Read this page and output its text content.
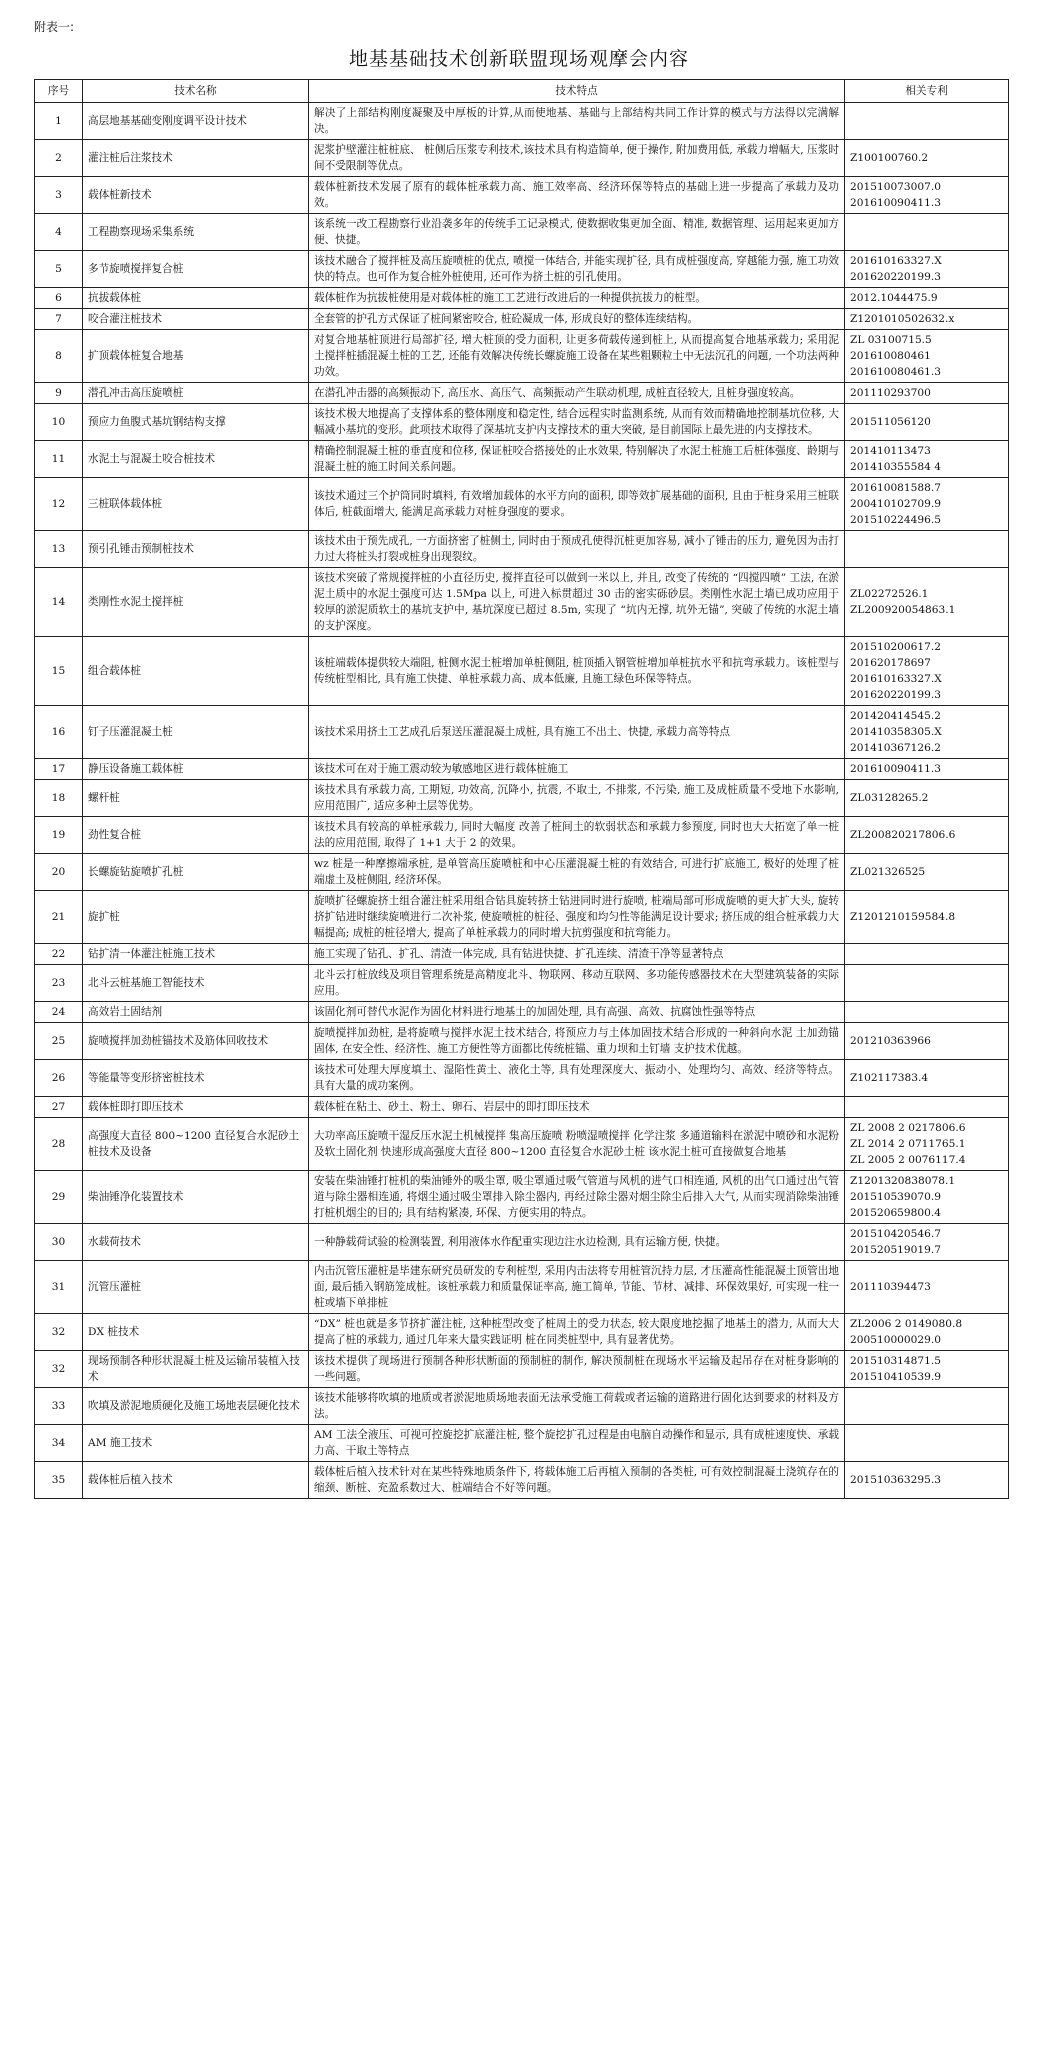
附表一:
地基基础技术创新联盟现场观摩会内容
序号	技术名称	技术特点	相关专利
1	高层地基基础变刚度调平设计技术	解决了上部结构刚度凝聚及中厚板的计算,从而使地基、基础与上部结构共同工作计算的模式与方法得以完满解决。	
2	灌注桩后注浆技术	泥浆护壁灌注桩桩底、 桩侧后压浆专利技术,该技术具有构造简单, 便于操作, 附加费用低, 承载力增幅大, 压浆时间不受限制等优点。	Z100100760.2
3	载体桩新技术	载体桩新技术发展了原有的载体桩承载力高、施工效率高、经济环保等特点的基础上进一步提高了承载力及功效。	201510073007.0
201610090411.3
4	工程勘察现场采集系统	该系统一改工程勘察行业沿袭多年的传统手工记录模式, 使数据收集更加全面、精准, 数据管理、运用起来更加方便、快捷。	
5	多节旋喷搅拌复合桩	该技术融合了搅拌桩及高压旋喷桩的优点, 喷搅一体结合, 并能实现扩径, 具有成桩强度高, 穿越能力强, 施工功效快的特点。也可作为复合桩外桩使用, 还可作为挤土桩的引孔使用。	201610163327.X
201620220199.3
6	抗拔载体桩	载体桩作为抗拔桩使用是对载体桩的施工工艺进行改进后的一种提供抗拔力的桩型。	2012.1044475.9
7	咬合灌注桩技术	全套管的护孔方式保证了桩间紧密咬合, 桩砼凝成一体, 形成良好的整体连续结构。	Z1201010502632.x
8	扩顶载体桩复合地基	对复合地基桩顶进行局部扩径, 增大桩顶的受力面积, 让更多荷载传递到桩上, 从而提高复合地基承载力; 采用泥土搅拌桩插混凝土桩的工艺, 还能有效解决传统长螺旋施工设备在某些粗颗粒土中无法沉孔的问题, 一个功法两种功效。	ZL 03100715.5
201610080461
201610080461.3
9	潜孔冲击高压旋喷桩	在潜孔冲击器的高频振动下, 高压水、高压气、高频振动产生联动机理, 成桩直径较大, 且桩身强度较高。	201110293700
10	预应力鱼腹式基坑钢结构支撑	该技术极大地提高了支撑体系的整体刚度和稳定性, 结合远程实时监测系统, 从而有效而精确地控制基坑位移, 大幅减小基坑的变形。此项技术取得了深基坑支护内支撑技术的重大突破, 是目前国际上最先进的内支撑技术。	201511056120
11	水泥土与混凝土咬合桩技术	精确控制混凝土桩的垂直度和位移, 保证桩咬合搭接处的止水效果, 特别解决了水泥土桩施工后桩体强度、龄期与混凝土桩的施工时间关系问题。	201410113473
201410355584 4
12	三桩联体载体桩	该技术通过三个护筒同时填料, 有效增加载体的水平方向的面积, 即等效扩展基础的面积, 且由于桩身采用三桩联体后, 桩截面增大, 能满足高承载力对桩身强度的要求。	201610081588.7
200410102709.9
201510224496.5
13	预引孔锤击预制桩技术	该技术由于预先成孔, 一方面挤密了桩侧土, 同时由于预成孔使得沉桩更加容易, 减小了锤击的压力, 避免因为击打力过大将桩头打裂或桩身出现裂纹。	
14	类刚性水泥土搅拌桩	该技术突破了常规搅拌桩的小直径历史, 搅拌直径可以做到一米以上, 并且, 改变了传统的 “四搅四喷” 工法, 在淤泥土质中的水泥土强度可达 1.5Mpa 以上, 可进入标贯超过 30 击的密实砾砂层。类刚性水泥土墙已成功应用于较厚的淤泥质软土的基坑支护中, 基坑深度已超过 8.5m, 实现了 “坑内无撑, 坑外无锚”, 突破了传统的水泥土墙的支护深度。	ZL02272526.1
ZL200920054863.1
15	组合载体桩	该桩端载体提供较大端阻, 桩侧水泥土桩增加单桩侧阻, 桩顶插入钢管桩增加单桩抗水平和抗弯承载力。该桩型与传统桩型相比, 具有施工快捷、单桩承载力高、成本低廉, 且施工绿色环保等特点。	201510200617.2
201620178697
201610163327.X
201620220199.3
16	钉子压灌混凝土桩	该技术采用挤土工艺成孔后泵送压灌混凝土成桩, 具有施工不出土、快捷, 承载力高等特点	201420414545.2
201410358305.X
201410367126.2
17	静压设备施工载体桩	该技术可在对于施工震动较为敏感地区进行载体桩施工	201610090411.3
18	螺杆桩	该技术具有承载力高, 工期短, 功效高, 沉降小, 抗震, 不取土, 不排浆, 不污染, 施工及成桩质量不受地下水影响, 应用范围广, 适应多种土层等优势。	ZL03128265.2
19	劲性复合桩	该技术具有较高的单桩承载力, 同时大幅度 改善了桩间土的软弱状态和承载力参预度, 同时也大大拓宽了单一桩法的应用范围, 取得了 1+1 大于 2 的效果。	ZL200820217806.6
20	长螺旋钻旋喷扩孔桩	wz 桩是一种摩擦端承桩, 是单管高压旋喷桩和中心压灌混凝土桩的有效结合, 可进行扩底施工, 极好的处理了桩端虚土及桩侧阻, 经济环保。	ZL021326525
21	旋扩桩	旋喷扩径螺旋挤土组合灌注桩采用组合钻具旋转挤土钻进同时进行旋喷, 桩端局部可形成旋喷的更大扩大头, 旋转挤扩钻进时继续旋喷进行二次补浆, 使旋喷桩的桩径、强度和均匀性等能满足设计要求; 挤压成的组合桩承载力大幅提高; 成桩的桩径增大, 提高了单桩承载力的同时增大抗剪强度和抗弯能力。	Z1201210159584.8
22	钻扩清一体灌注桩施工技术	施工实现了钻孔、扩孔、清渣一体完成, 具有钻进快捷、扩孔连续、清渣干净等显著特点	
23	北斗云桩基施工智能技术	北斗云打桩放线及项目管理系统是高精度北斗、物联网、移动互联网、多功能传感器技术在大型建筑装备的实际应用。	
24	高效岩土固结剂	该固化剂可替代水泥作为固化材料进行地基土的加固处理, 具有高强、高效、抗腐蚀性强等特点	
25	旋喷搅拌加劲桩锚技术及筋体回收技术	旋喷搅拌加劲桩, 是将旋喷与搅拌水泥土技术结合, 将预应力与土体加固技术结合形成的一种斜向水泥 土加劲锚固体, 在安全性、经济性、施工方便性等方面都比传统桩锚、重力坝和土钉墙 支护技术优越。	201210363966
26	等能量等变形挤密桩技术	该技术可处理大厚度填土、湿陷性黄土、液化土等, 具有处理深度大、振动小、处理均匀、高效、经济等特点。具有大量的成功案例。	Z102117383.4
27	载体桩即打即压技术	载体桩在粘土、砂土、粉土、卵石、岩层中的即打即压技术	
28	高强度大直径 800~1200 直径复合水泥砂土桩技术及设备	大功率高压旋喷干湿反压水泥土机械搅拌 集高压旋喷 粉喷湿喷搅拌 化学注浆 多通道输料在淤泥中喷砂和水泥粉及软土固化剂 快速形成高强度大直径 800~1200 直径复合水泥砂土桩 该水泥土桩可直接做复合地基	ZL 2008 2 0217806.6
ZL 2014 2 0711765.1
ZL 2005 2 0076117.4
29	柴油锤净化装置技术	安装在柴油锤打桩机的柴油锤外的吸尘罩, 吸尘罩通过吸气管道与风机的进气口相连通, 风机的出气口通过出气管道与除尘器相连通, 将烟尘通过吸尘罩排入除尘器内, 再经过除尘器对烟尘除尘后排入大气, 从而实现消除柴油锤打桩机烟尘的目的; 具有结构紧凑, 环保、方便实用的特点。	Z1201320838078.1
201510539070.9
201520659800.4
30	水载荷技术	一种静载荷试验的检测装置, 利用液体水作配重实现边注水边检测, 具有运输方便, 快捷。	201510420546.7
201520519019.7
31	沉管压灌桩	内击沉管压灌桩是毕建东研究员研发的专利桩型, 采用内击法将专用桩管沉持力层, 才压灌高性能混凝土顶管出地面, 最后插入钢筋笼成桩。该桩承载力和质量保证率高, 施工简单, 节能、节材、减排、环保效果好, 可实现一柱一桩或墙下单排桩	201110394473
32	DX 桩技术	“DX” 桩也就是多节挤扩灌注桩, 这种桩型改变了桩周土的受力状态, 较大限度地挖掘了地基土的潜力, 从而大大提高了桩的承载力, 通过几年来大量实践证明 桩在同类桩型中, 具有显著优势。	ZL2006 2 0149080.8
200510000029.0
32	现场预制各种形状混凝土桩及运输吊装植入技术	该技术提供了现场进行预制各种形状断面的预制桩的制作, 解决预制桩在现场水平运输及起吊存在对桩身影响的一些问题。	201510314871.5
201510410539.9
33	吹填及淤泥地质硬化及施工场地表层硬化技术	该技术能够将吹填的地质或者淤泥地质场地表面无法承受施工荷载或者运输的道路进行固化达到要求的材料及方法。	
34	AM 施工技术	AM 工法全液压、可视可控旋挖扩底灌注桩, 整个旋挖扩孔过程是由电脑自动操作和显示, 具有成桩速度快、承载力高、干取土等特点	
35	载体桩后植入技术	载体桩后植入技术针对在某些特殊地质条件下, 将载体施工后再植入预制的各类桩, 可有效控制混凝土浇筑存在的缩颈、断桩、充盈系数过大、桩端结合不好等问题。	201510363295.3
